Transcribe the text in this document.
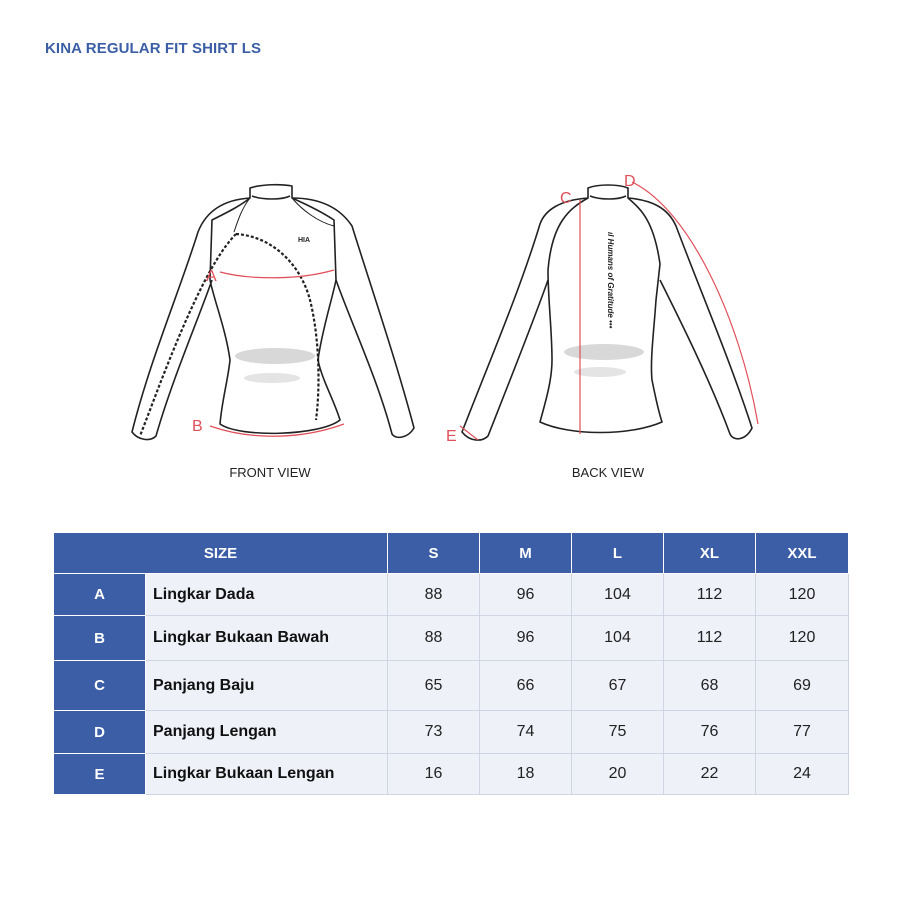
KINA REGULAR FIT SHIRT LS
HIA
A
B
ıl Humans of Gratitude •••
C
D
E
FRONT VIEW	BACK VIEW
SIZE		S	M	L	XL	XXL
A	Lingkar Dada	88	96	104	112	120
B	Lingkar Bukaan Bawah	88	96	104	112	120
C	Panjang Baju	65	66	67	68	69
D	Panjang Lengan	73	74	75	76	77
E	Lingkar Bukaan Lengan	16	18	20	22	24
